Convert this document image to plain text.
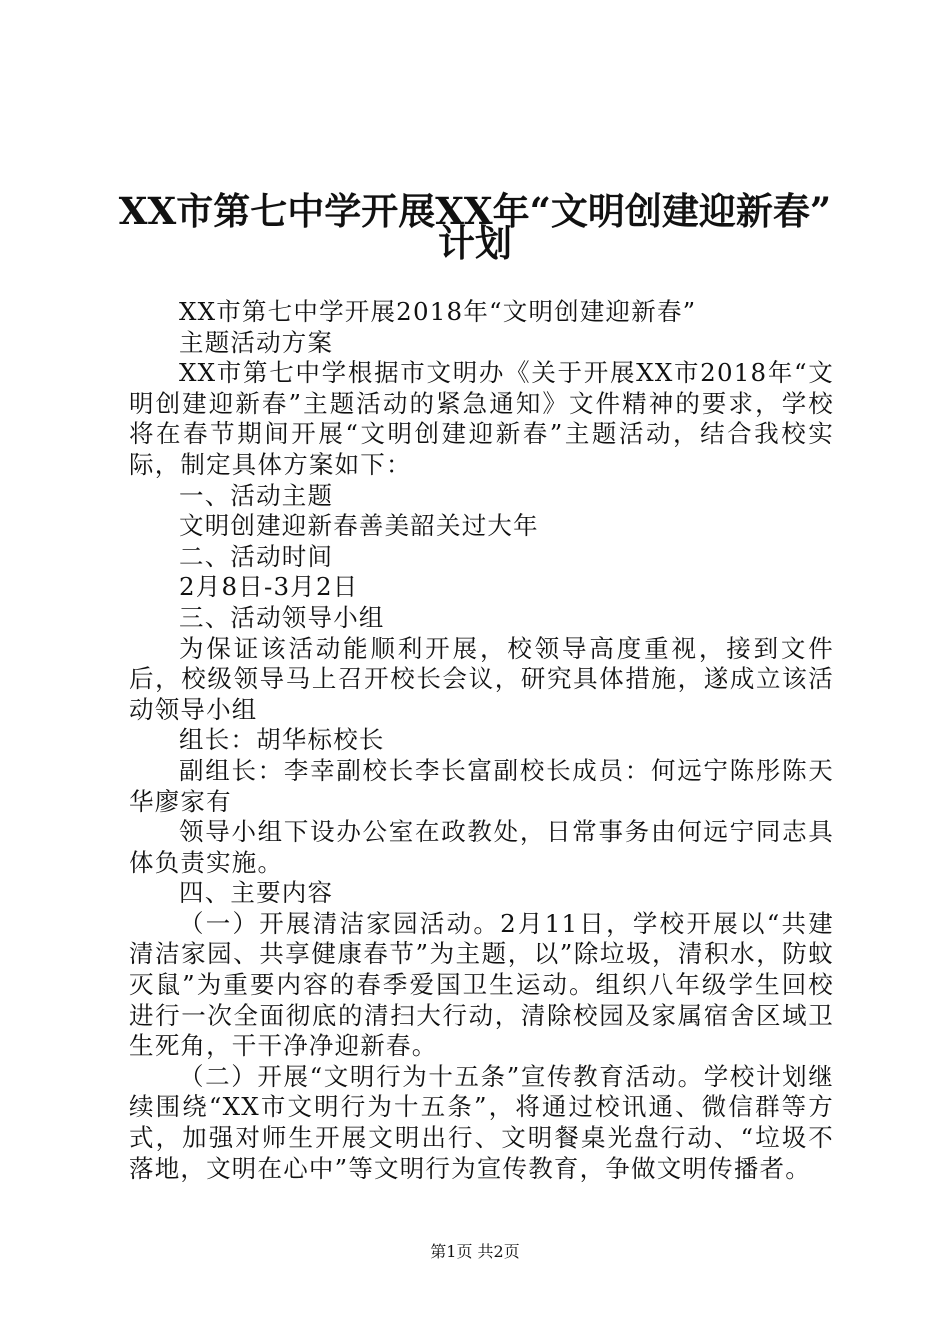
XX市第七中学开展XX年“文明创建迎新春”
计划

XX市第七中学开展2018年“文明创建迎新春”

主题活动方案

XX市第七中学根据市文明办《关于开展XX市2018年“文明创建迎新春”主题活动的紧急通知》文件精神的要求，学校将在春节期间开展“文明创建迎新春”主题活动，结合我校实际，制定具体方案如下：

一、活动主题

文明创建迎新春善美韶关过大年

二、活动时间

2月8日-3月2日

三、活动领导小组

为保证该活动能顺利开展，校领导高度重视，接到文件后，校级领导马上召开校长会议，研究具体措施，遂成立该活动领导小组

组长：胡华标校长

副组长：李幸副校长李长富副校长成员：何远宁陈彤陈天华廖家有

领导小组下设办公室在政教处，日常事务由何远宁同志具体负责实施。

四、主要内容

（一）开展清洁家园活动。2月11日，学校开展以“共建清洁家园、共享健康春节”为主题，以”除垃圾，清积水，防蚊灭鼠”为重要内容的春季爱国卫生运动。组织八年级学生回校进行一次全面彻底的清扫大行动，清除校园及家属宿舍区域卫生死角，干干净净迎新春。

（二）开展“文明行为十五条”宣传教育活动。学校计划继续围绕“XX市文明行为十五条”，将通过校讯通、微信群等方式，加强对师生开展文明出行、文明餐桌光盘行动、“垃圾不落地，文明在心中”等文明行为宣传教育，争做文明传播者。

第1页 共2页
